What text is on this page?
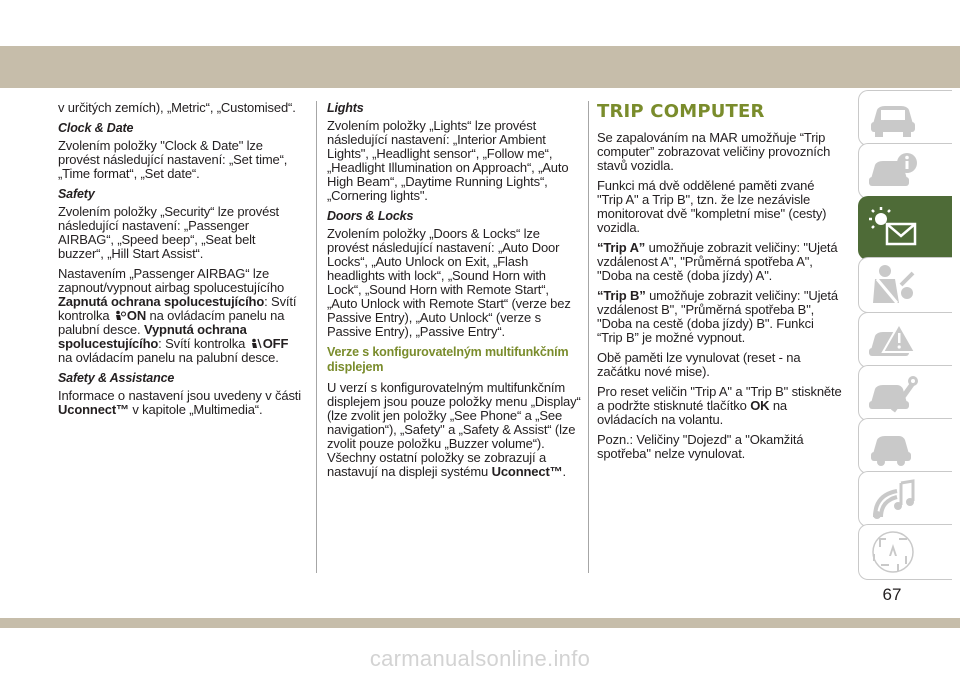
v určitých zemích), „Metric“, „Customised“.

Clock & Date

Zvolením položky "Clock & Date" lze provést následující nastavení: „Set time“, „Time format“, „Set date“.

Safety

Zvolením položky „Security“ lze provést následující nastavení: „Passenger AIRBAG“, „Speed beep“, „Seat belt buzzer“, „Hill Start Assist“.

Nastavením „Passenger AIRBAG“ lze zapnout/vypnout airbag spolucestujícího Zapnutá ochrana spolucestujícího: Svítí kontrolka ON na ovládacím panelu na palubní desce. Vypnutá ochrana spolucestujícího: Svítí kontrolka OFF na ovládacím panelu na palubní desce.

Safety & Assistance

Informace o nastavení jsou uvedeny v části Uconnect™ v kapitole „Multimedia“.

Lights

Zvolením položky „Lights“ lze provést následující nastavení: „Interior Ambient Lights", „Headlight sensor“, „Follow me“, „Headlight Illumination on Approach“, „Auto High Beam“, „Daytime Running Lights“, „Cornering lights".

Doors & Locks

Zvolením položky „Doors & Locks“ lze provést následující nastavení: „Auto Door Locks“, „Auto Unlock on Exit, „Flash headlights with lock“, „Sound Horn with Lock“, „Sound Horn with Remote Start“, „Auto Unlock with Remote Start“ (verze bez Passive Entry), „Auto Unlock“ (verze s Passive Entry), „Passive Entry“.

Verze s konfigurovatelným multifunkčním displejem

U verzí s konfigurovatelným multifunkčním displejem jsou pouze položky menu „Display“ (lze zvolit jen položky „See Phone“ a „See navigation“), „Safety" a „Safety & Assist“ (lze zvolit pouze položku „Buzzer volume“). Všechny ostatní položky se zobrazují a nastavují na displeji systému Uconnect™.

TRIP COMPUTER

Se zapalováním na MAR umožňuje “Trip computer” zobrazovat veličiny provozních stavů vozidla.

Funkci má dvě oddělené paměti zvané "Trip A" a Trip B", tzn. že lze nezávisle monitorovat dvě "kompletní mise" (cesty) vozidla.

“Trip A” umožňuje zobrazit veličiny: "Ujetá vzdálenost A", "Průměrná spotřeba A", "Doba na cestě (doba jízdy) A".

“Trip B” umožňuje zobrazit veličiny: "Ujetá vzdálenost B", "Průměrná spotřeba B", "Doba na cestě (doba jízdy) B". Funkci “Trip B” je možné vypnout.

Obě paměti lze vynulovat (reset - na začátku nové mise).

Pro reset veličin "Trip A" a "Trip B" stiskněte a podržte stisknuté tlačítko OK na ovládacích na volantu.

Pozn.: Veličiny "Dojezd" a "Okamžitá spotřeba" nelze vynulovat.

67
carmanualsonline.info
